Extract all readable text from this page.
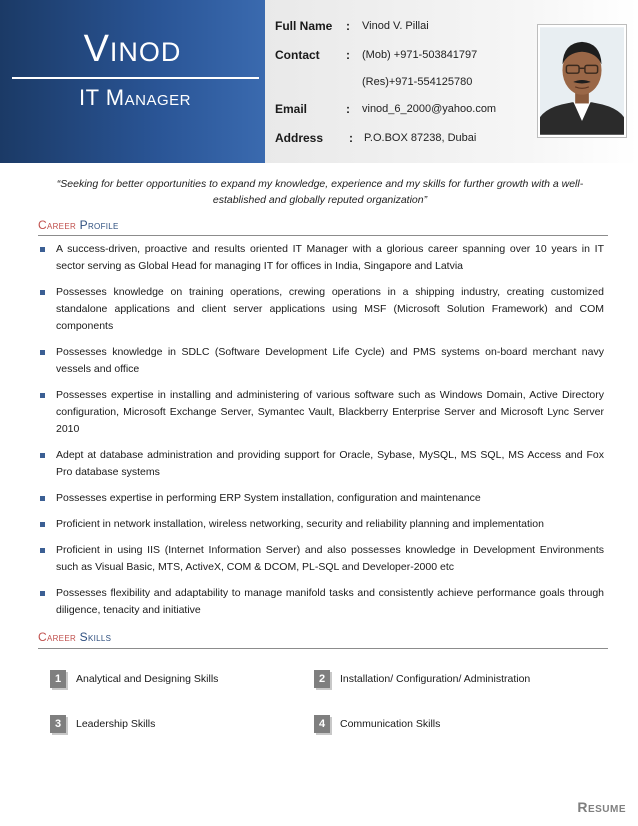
Vinod
IT Manager
Full Name : Vinod V. Pillai
Contact : (Mob) +971-503841797
(Res)+971-554125780
Email	: vinod_6_2000@yahoo.com
Address : P.O.BOX 87238, Dubai
“Seeking for better opportunities to expand my knowledge, experience and my skills for further growth with a well-established and globally reputed organization”
Career Profile
A success-driven, proactive and results oriented IT Manager with a glorious career spanning over 10 years in IT sector serving as Global Head for managing IT for offices in India, Singapore and Latvia
Possesses knowledge on training operations, crewing operations in a shipping industry, creating customized standalone applications and client server applications using MSF (Microsoft Solution Framework) and COM components
Possesses knowledge in SDLC (Software Development Life Cycle) and PMS systems on-board merchant navy vessels and office
Possesses expertise in installing and administering of various software such as Windows Domain, Active Directory configuration, Microsoft Exchange Server, Symantec Vault, Blackberry Enterprise Server and Microsoft Lync Server 2010
Adept at database administration and providing support for Oracle, Sybase, MySQL, MS SQL, MS Access and Fox Pro database systems
Possesses expertise in performing ERP System installation, configuration and maintenance
Proficient in network installation, wireless networking, security and reliability planning and implementation
Proficient in using IIS (Internet Information Server) and also possesses knowledge in Development Environments such as Visual Basic, MTS, ActiveX, COM & DCOM, PL-SQL and Developer-2000 etc
Possesses flexibility and adaptability to manage manifold tasks and consistently achieve performance goals through diligence, tenacity and initiative
Career Skills
1	Analytical and Designing Skills	2	Installation/ Configuration/ Administration
3	Leadership Skills	4	Communication Skills
Resume
